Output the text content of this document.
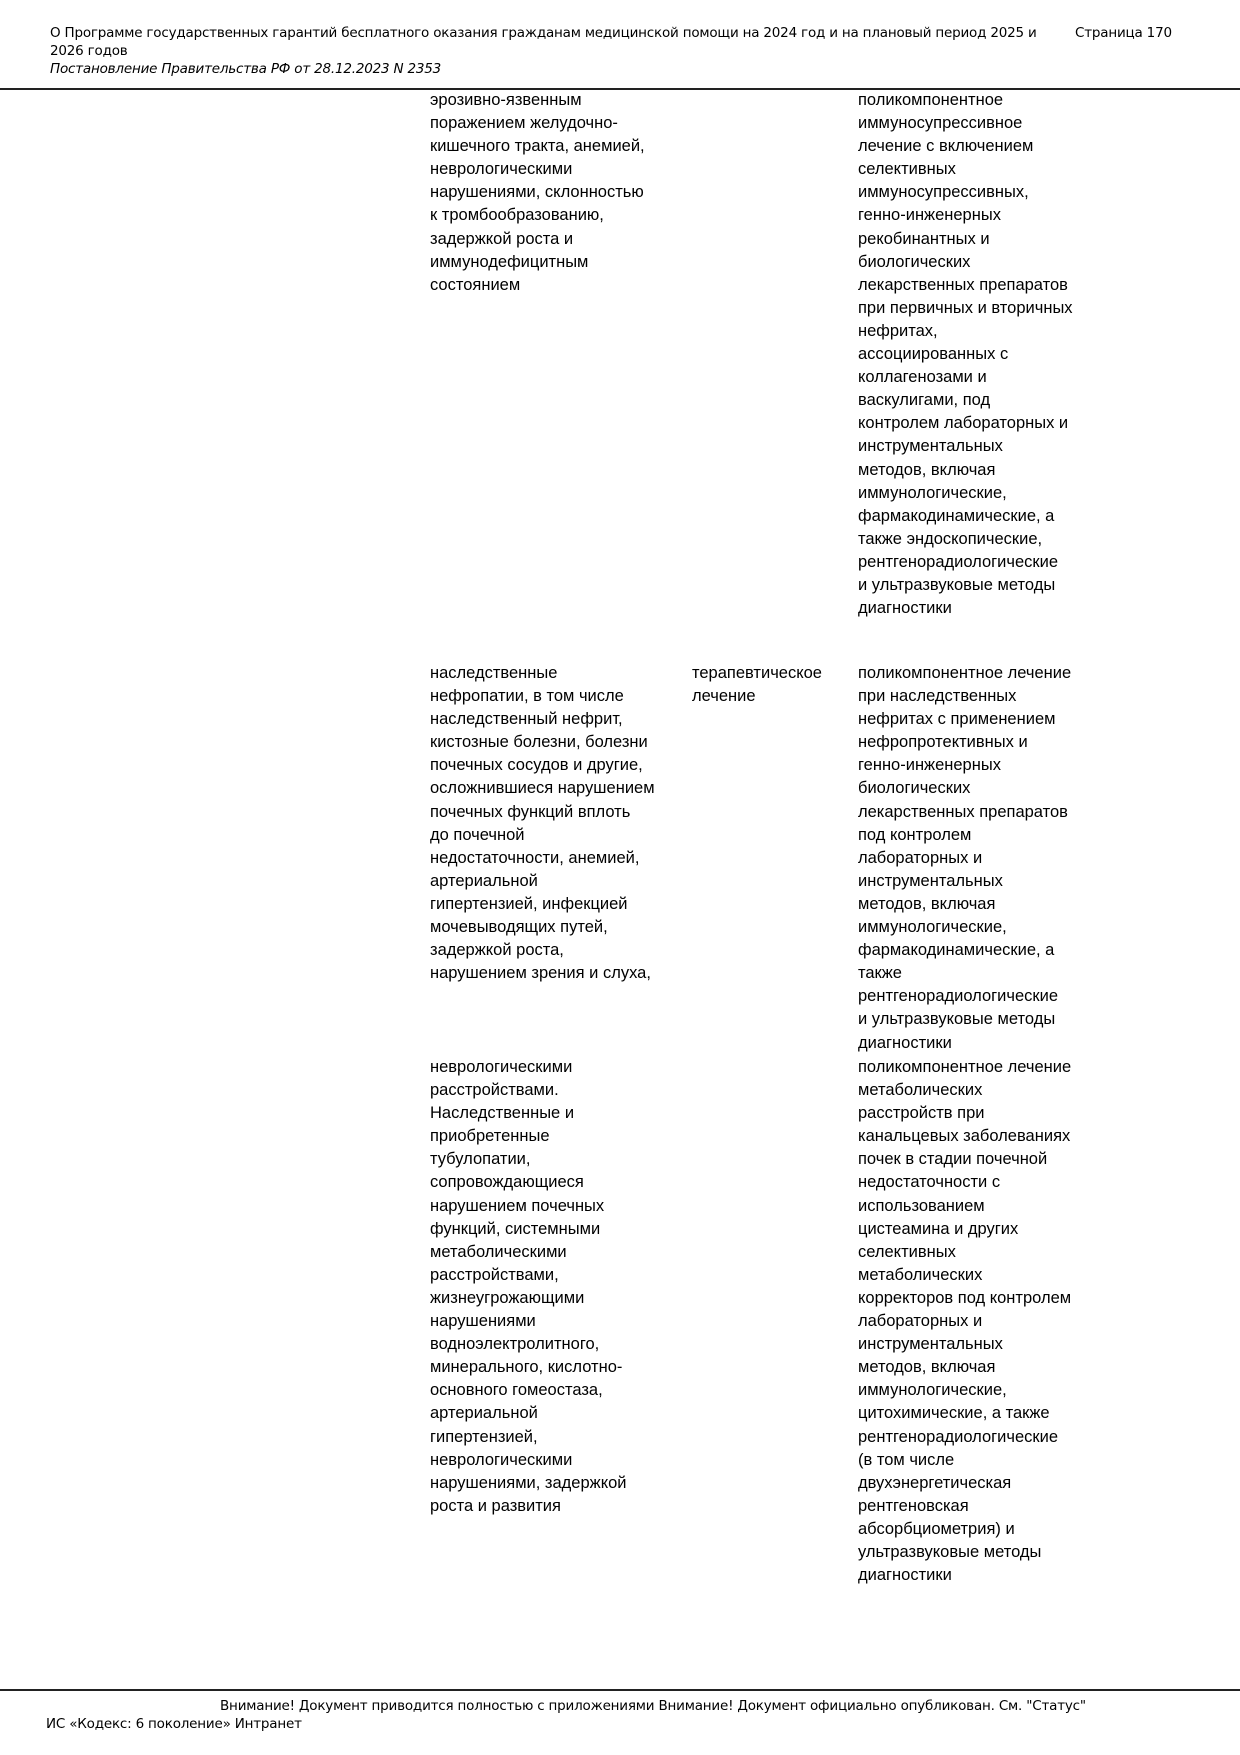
О Программе государственных гарантий бесплатного оказания гражданам медицинской помощи на 2024 год и на плановый период 2025 и 2026 годов
Постановление Правительства РФ от 28.12.2023 N 2353
Страница 170
эрозивно-язвенным
поражением желудочно-
кишечного тракта, анемией,
неврологическими
нарушениями, склонностью
к тромбообразованию,
задержкой роста и
иммунодефицитным
состоянием
поликомпонентное
иммуносупрессивное
лечение с включением
селективных
иммуносупрессивных,
генно-инженерных
рекобинантных и
биологических
лекарственных препаратов
при первичных и вторичных
нефритах,
ассоциированных с
коллагенозами и
васкулигами, под
контролем лабораторных и
инструментальных
методов, включая
иммунологические,
фармакодинамические, а
также эндоскопические,
рентгенорадиологические
и ультразвуковые методы
диагностики
наследственные
нефропатии, в том числе
наследственный нефрит,
кистозные болезни, болезни
почечных сосудов и другие,
осложнившиеся нарушением
почечных функций вплоть
до почечной
недостаточности, анемией,
артериальной
гипертензией, инфекцией
мочевыводящих путей,
задержкой роста,
нарушением зрения и слуха,
терапевтическое
лечение
поликомпонентное лечение
при наследственных
нефритах с применением
нефропротективных и
генно-инженерных
биологических
лекарственных препаратов
под контролем
лабораторных и
инструментальных
методов, включая
иммунологические,
фармакодинамические, а
также
рентгенорадиологические
и ультразвуковые методы
диагностики
неврологическими
расстройствами.
Наследственные и
приобретенные
тубулопатии,
сопровождающиеся
нарушением почечных
функций, системными
метаболическими
расстройствами,
жизнеугрожающими
нарушениями
водноэлектролитного,
минерального, кислотно-
основного гомеостаза,
артериальной
гипертензией,
неврологическими
нарушениями, задержкой
роста и развития
поликомпонентное лечение
метаболических
расстройств при
канальцевых заболеваниях
почек в стадии почечной
недостаточности с
использованием
цистеамина и других
селективных
метаболических
корректоров под контролем
лабораторных и
инструментальных
методов, включая
иммунологические,
цитохимические, а также
рентгенорадиологические
(в том числе
двухэнергетическая
рентгеновская
абсорбциометрия) и
ультразвуковые методы
диагностики
Внимание! Документ приводится полностью с приложениями Внимание! Документ официально опубликован. См. "Статус"
ИС «Кодекс: 6 поколение» Интранет
